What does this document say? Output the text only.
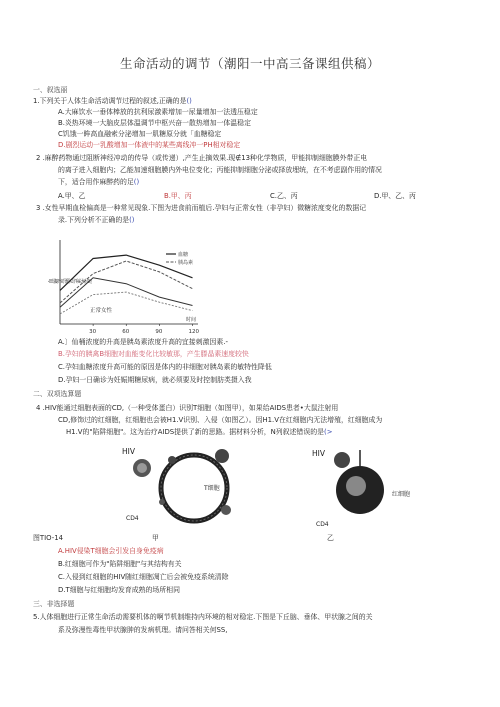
生命活动的调节（潮阳一中高三备课组供稿）
一、叙选丽
1.下列关于人体生命活动调节过程的叙述,正确的是()
A.大麻饮水一垂体棒放的抗利尿激素增加一尿量增加一法透压稳定
B.炎热环境一大脑皮层体温调节中枢兴奋一散热增加一体温稳定
C饥饿一眸高血融索分泌增加一肌糖原分就「血糖稳定
D.剧烈运动一乳酸增加一体液中的某些离线冲一PH相对稳定
2 .麻醉药物通过阻断神经冲动的传导（或传递）,产生止摘效果.现∉13种化学物质，甲能抑制细胞膜外带正电
的离子进入细胞内；乙能加速细胞膜内外电位变化；丙能抑制细胞分泌或择放埋统，在不考虑副作用的情况
下，适合用作麻醉药的足()
A.甲、乙	B.甲、丙	C.乙、丙	D.甲、乙、丙
3 .女性早期血检偏高是一种常见现象.下图为进食前而植后.孕妇与正常女性（非孕妇）微糖浓度变化的数据记
录.下列分析不正确的是()
血糖或胰岛素浓度
30	60	90	120
时间
血糖
胰岛素
正常女性
A.〕仙桶浓度的升高是胰岛素浓度升高的宜接刺激因素.-
B.孕妇的胰禽B细胞对血能变化比较敏那，产生滕晶素速度较快
C.孕妇血糖浓度升高可能的原因是体内的非细胞对胰岛素的敏特性降低
D.孕妇一日确诊为妊娠期糖尿病，就必须要及时控制肪类摄入我
二、双项选算题
4 .HIV能通过细胞表面的CD,（一种受体蛋白）识别T细胞（如图甲），如果给AIDS患者•大鼠注射用
CD,修饰过的红细胞，红细胞也会被H1.V识别、入侵（如图乙）。因H1.V在红细胞内无法增殖，红细胞成为
H1.V的"陷阱细胞"。这为治疗AIDS提供了新的思路。据材料分析，N列叙述错误的是(>
HIV
T细胞
CD4
HIV
红细胞
CD4
图TIO-14	甲	乙
A.HIV侵染T细胞会引发自身免疫病
B.红细胞可作为"陷阱细胞"与其结构有关
C.入侵到红细胞的HIV随红细胞凋亡后会被免疫系统清除
D.T细胞与红细胞均发育成熟的场所相同
三、非选择题
5.人体细胞进行正常生命活动需要机体的啊节机制维持内环境的相对稳定.下图是下丘脑、垂体、甲状腺之间的关
系及弥漫性毒性甲状腺肿的发病机理。请问答相关何SS,
